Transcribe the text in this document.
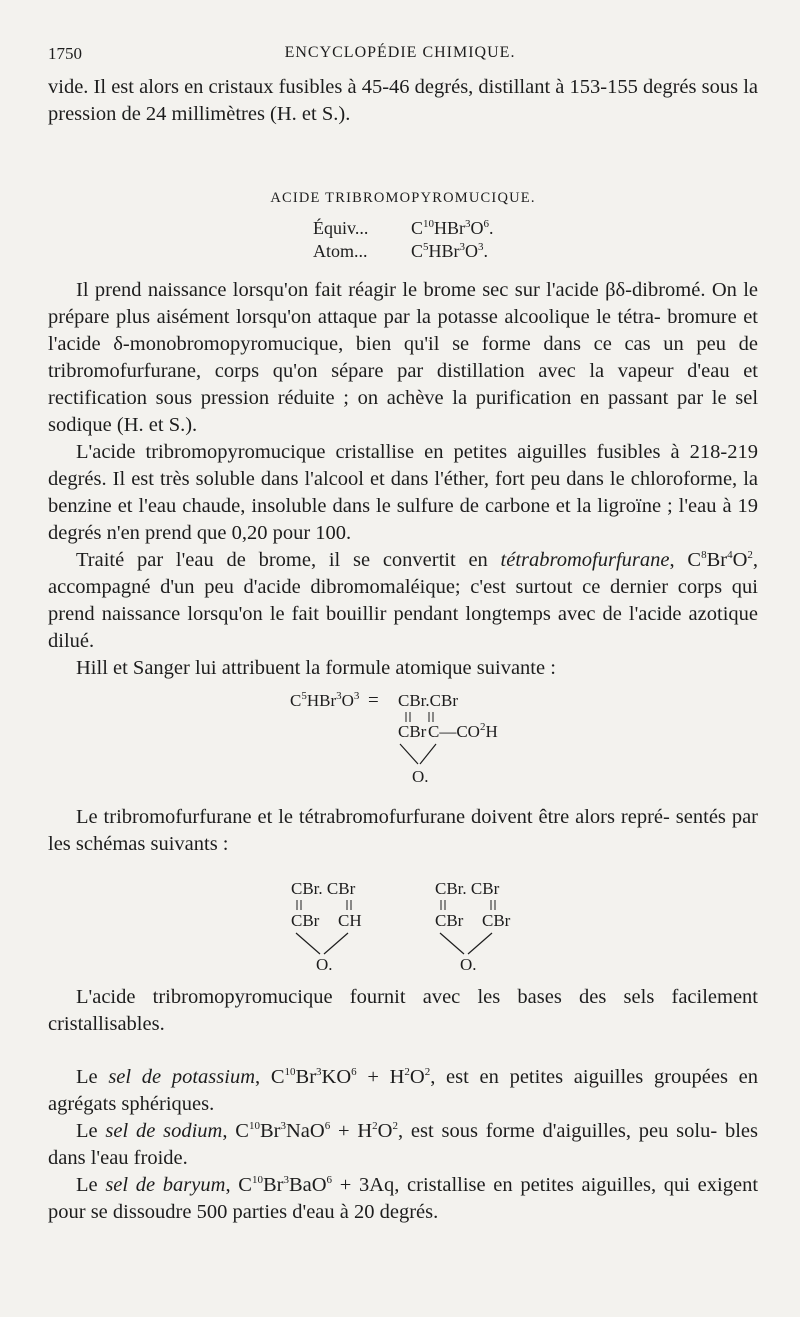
1750	ENCYCLOPÉDIE CHIMIQUE.

vide. Il est alors en cristaux fusibles à 45-46 degrés, distillant à 153-155 degrés sous la pression de 24 millimètres (H. et S.).

ACIDE TRIBROMOPYROMUCIQUE.
Équiv...	$C^{10}HBr^3O^6$.
Atom...	$C^5HBr^3O^3$.

Il prend naissance lorsqu'on fait réagir le brome sec sur l'acide βδ-dibromé. On le prépare plus aisément lorsqu'on attaque par la potasse alcoolique le tétra- bromure et l'acide δ-monobromopyromucique, bien qu'il se forme dans ce cas un peu de tribromofurfurane, corps qu'on sépare par distillation avec la vapeur d'eau et rectification sous pression réduite ; on achève la purification en passant par le sel sodique (H. et S.).

L'acide tribromopyromucique cristallise en petites aiguilles fusibles à 218-219 degrés. Il est très soluble dans l'alcool et dans l'éther, fort peu dans le chloroforme, la benzine et l'eau chaude, insoluble dans le sulfure de carbone et la ligroïne ; l'eau à 19 degrés n'en prend que 0,20 pour 100.

Traité par l'eau de brome, il se convertit en tétrabromofurfurane, $C^8Br^4O^2$, accompagné d'un peu d'acide dibromomaléique; c'est surtout ce dernier corps qui prend naissance lorsqu'on le fait bouillir pendant longtemps avec de l'acide azotique dilué.

Hill et Sanger lui attribuent la formule atomique suivante :

$C^5HBr^3O^3 = CBr.CBr$
CBr $C—CO^2H$
O.

Le tribromofurfurane et le tétrabromofurfurane doivent être alors repré- sentés par les schémas suivants :

CBr. CBr
CBr CH
O.
CBr. CBr
CBr CBr
O.

L'acide tribromopyromucique fournit avec les bases des sels facilement cristallisables.

Le sel de potassium, $C^{10}Br^3KO^6 + H^2O^2$, est en petites aiguilles groupées en agrégats sphériques.

Le sel de sodium, $C^{10}Br^3NaO^6 + H^2O^2$, est sous forme d'aiguilles, peu solu- bles dans l'eau froide.

Le sel de baryum, $C^{10}Br^3BaO^6 + 3Aq$, cristallise en petites aiguilles, qui exigent pour se dissoudre 500 parties d'eau à 20 degrés.
